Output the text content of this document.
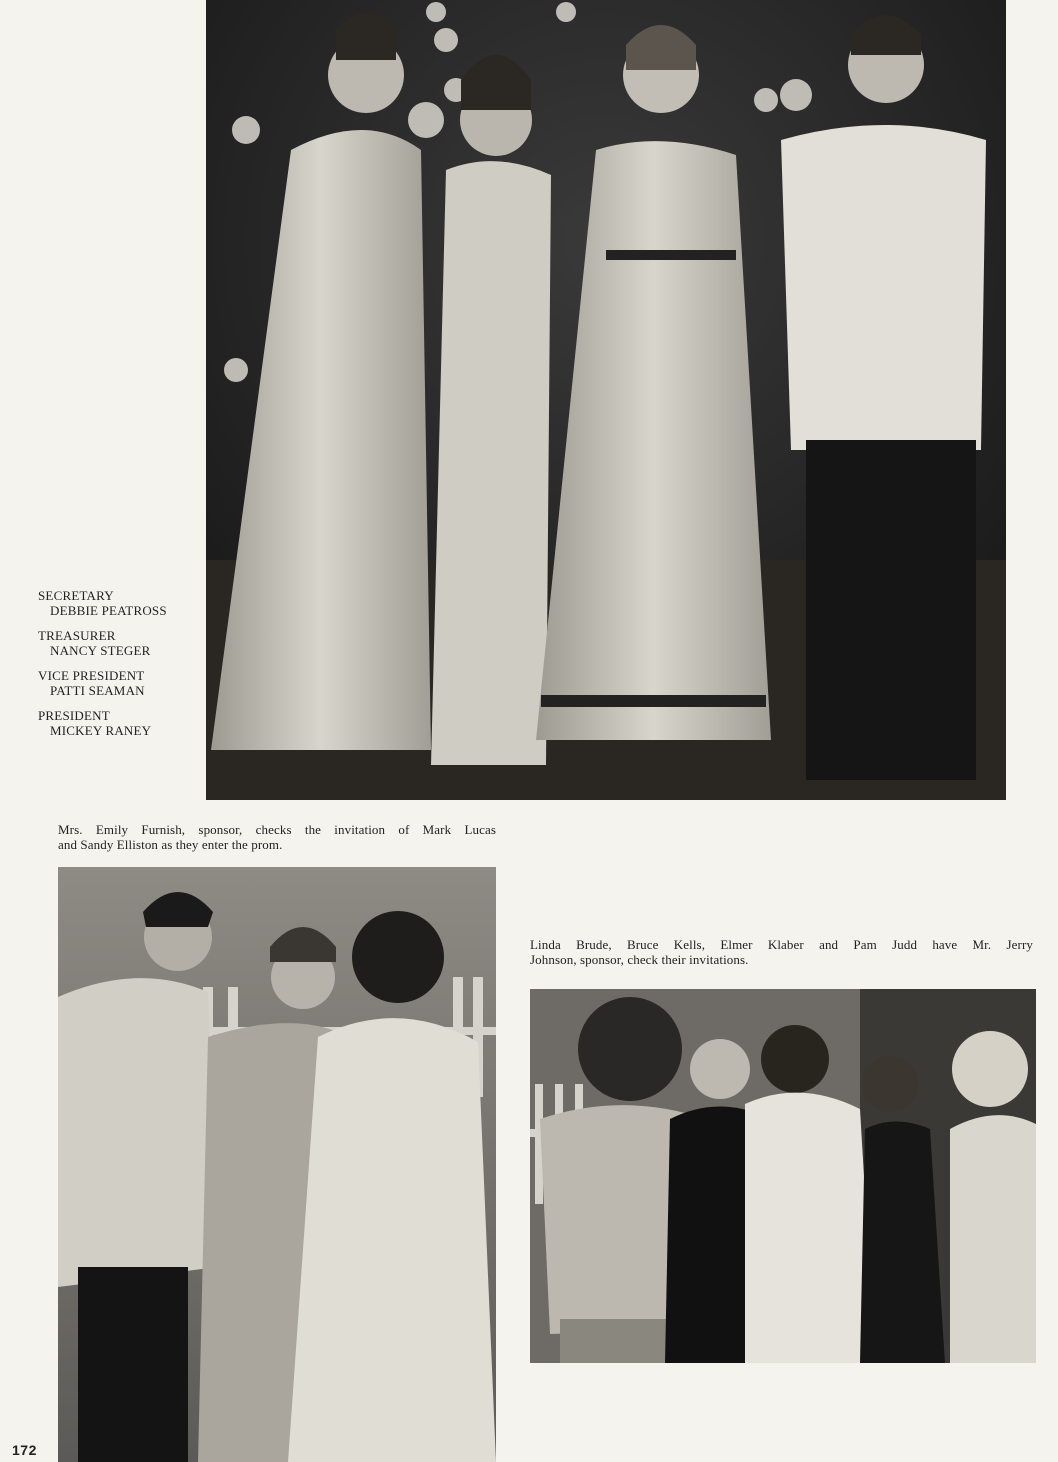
SECRETARY
DEBBIE PEATROSS
TREASURER
NANCY STEGER
VICE PRESIDENT
PATTI SEAMAN
PRESIDENT
MICKEY RANEY
Mrs. Emily Furnish, sponsor, checks the invitation of Mark Lucas
and Sandy Elliston as they enter the prom.
Linda Brude, Bruce Kells, Elmer Klaber and Pam Judd have Mr. Jerry
Johnson, sponsor, check their invitations.
172
